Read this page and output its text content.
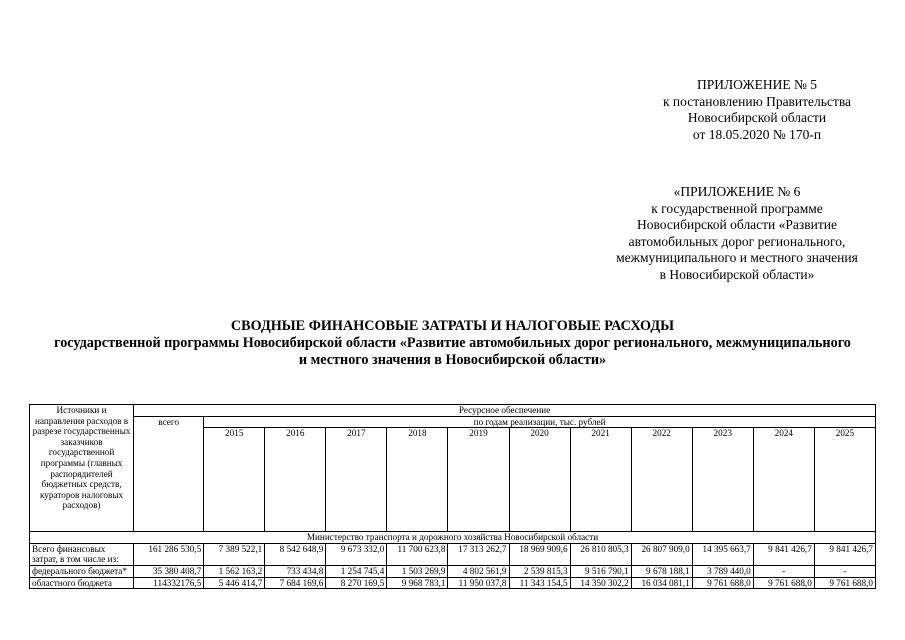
ПРИЛОЖЕНИЕ № 5
к постановлению Правительства
Новосибирской области
от 18.05.2020 № 170-п
«ПРИЛОЖЕНИЕ № 6
к государственной программе
Новосибирской области «Развитие
автомобильных дорог регионального,
межмуниципального и местного значения
в Новосибирской области»
СВОДНЫЕ ФИНАНСОВЫЕ ЗАТРАТЫ И НАЛОГОВЫЕ РАСХОДЫ
государственной программы Новосибирской области «Развитие автомобильных дорог регионального, межмуниципального
и местного значения в Новосибирской области»
Источники и направления расходов в разрезе государственных заказчиков государственной программы (главных распорядителей бюджетных средств, кураторов налоговых расходов)	Ресурсное обеспечение											
	всего	по годам реализации, тыс. рублей										
		2015	2016	2017	2018	2019	2020	2021	2022	2023	2024	2025
Министерство транспорта и дорожного хозяйства Новосибирской области												
Всего финансовых затрат, в том числе из:	161 286 530,5	7 389 522,1	8 542 648,9	9 673 332,0	11 700 623,8	17 313 262,7	18 969 909,6	26 810 805,3	26 807 909,0	14 395 663,7	9 841 426,7	9 841 426,7
федерального бюджета*	35 380 408,7	1 562 163,2	733 434,8	1 254 745,4	1 503 269,9	4 802 561,9	2 539 815,3	9 516 790,1	9 678 188,1	3 789 440,0	-	-
областного бюджета	114332176,5	5 446 414,7	7 684 169,6	8 270 169,5	9 968 783,1	11 950 037,8	11 343 154,5	14 350 302,2	16 034 081,1	9 761 688,0	9 761 688,0	9 761 688,0
